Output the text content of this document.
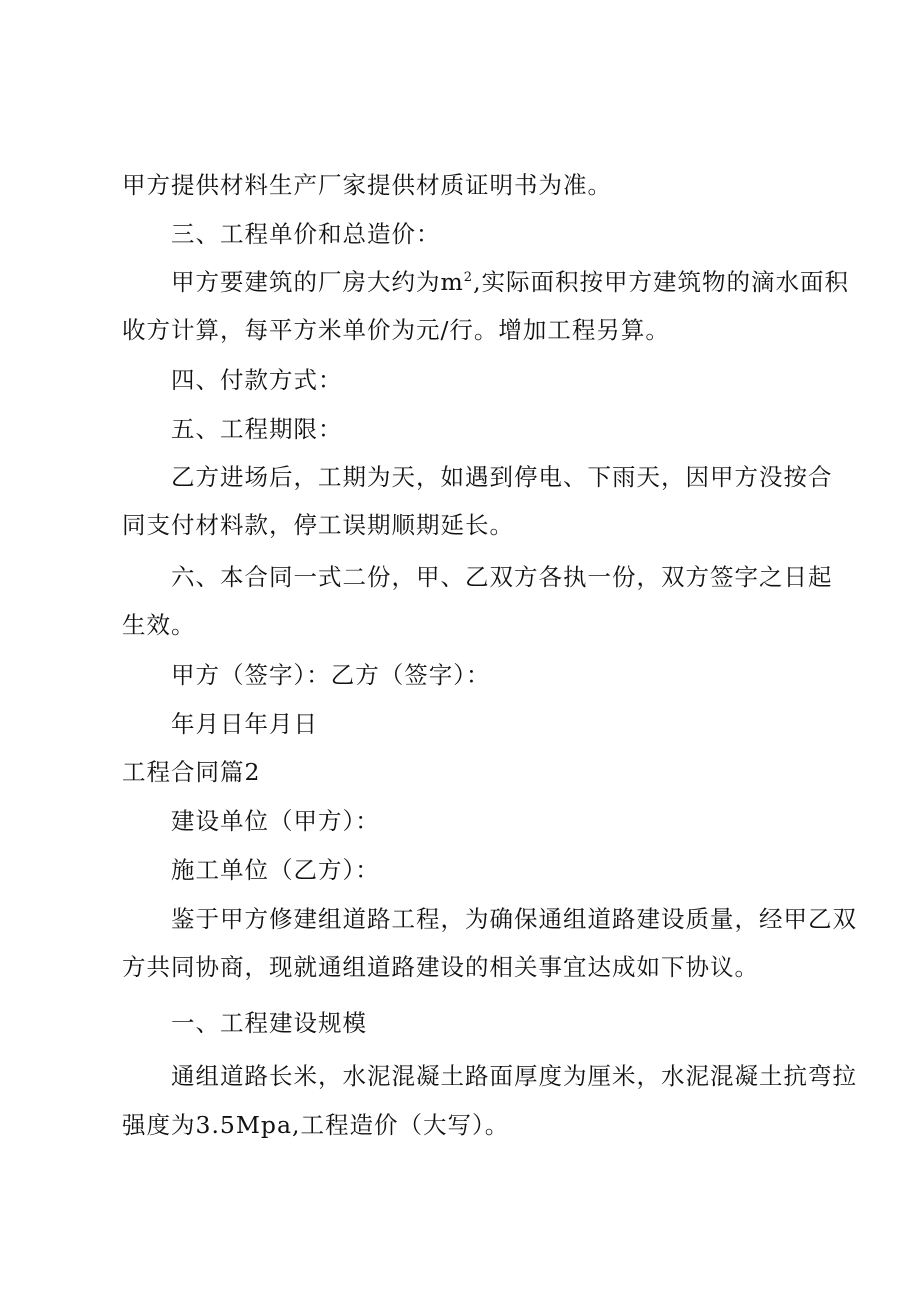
甲方提供材料生产厂家提供材质证明书为准。
三、工程单价和总造价：
甲方要建筑的厂房大约为$m^2$,实际面积按甲方建筑物的滴水面积
收方计算，每平方米单价为元/行。增加工程另算。
四、付款方式：
五、工程期限：
乙方进场后，工期为天，如遇到停电、下雨天，因甲方没按合
同支付材料款，停工误期顺期延长。
六、本合同一式二份，甲、乙双方各执一份，双方签字之日起
生效。
甲方（签字）：乙方（签字）：
年月日年月日
工程合同篇2
建设单位（甲方）：
施工单位（乙方）：
鉴于甲方修建组道路工程，为确保通组道路建设质量，经甲乙双
方共同协商，现就通组道路建设的相关事宜达成如下协议。
一、工程建设规模
通组道路长米，水泥混凝土路面厚度为厘米，水泥混凝土抗弯拉
强度为3.5Mpa,工程造价（大写）。
